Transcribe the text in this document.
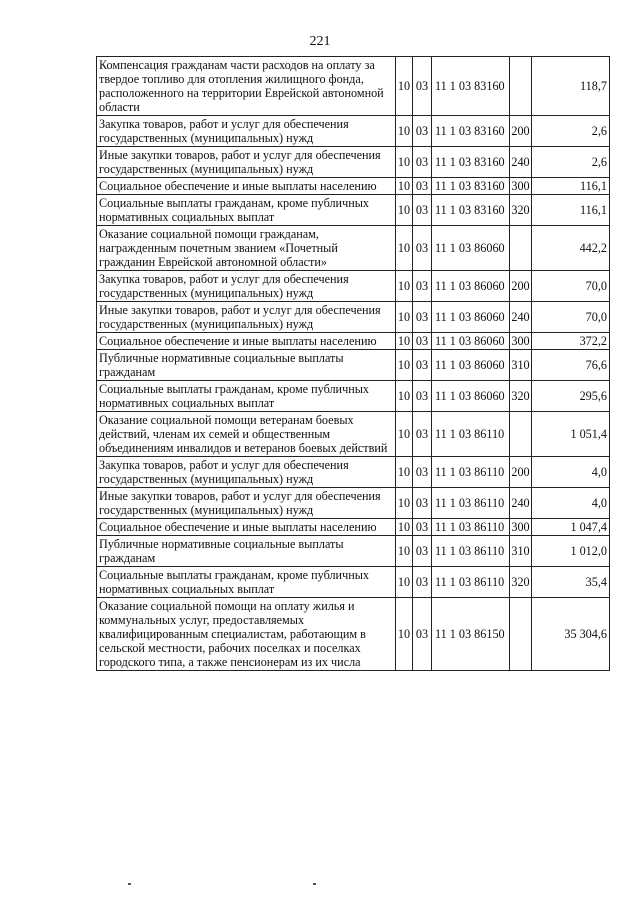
221
Компенсация гражданам части расходов на оплату за твердое топливо для отопления жилищного фонда, расположенного на территории Еврейской автономной области	10	03	11 1 03 83160		118,7
Закупка товаров, работ и услуг для обеспечения государственных (муниципальных) нужд	10	03	11 1 03 83160	200	2,6
Иные закупки товаров, работ и услуг для обеспечения государственных (муниципальных) нужд	10	03	11 1 03 83160	240	2,6
Социальное обеспечение и иные выплаты населению	10	03	11 1 03 83160	300	116,1
Социальные выплаты гражданам, кроме публичных нормативных социальных выплат	10	03	11 1 03 83160	320	116,1
Оказание социальной помощи гражданам, награжденным почетным званием «Почетный гражданин Еврейской автономной области»	10	03	11 1 03 86060		442,2
Закупка товаров, работ и услуг для обеспечения государственных (муниципальных) нужд	10	03	11 1 03 86060	200	70,0
Иные закупки товаров, работ и услуг для обеспечения государственных (муниципальных) нужд	10	03	11 1 03 86060	240	70,0
Социальное обеспечение и иные выплаты населению	10	03	11 1 03 86060	300	372,2
Публичные нормативные социальные выплаты гражданам	10	03	11 1 03 86060	310	76,6
Социальные выплаты гражданам, кроме публичных нормативных социальных выплат	10	03	11 1 03 86060	320	295,6
Оказание социальной помощи ветеранам боевых действий, членам их семей и общественным объединениям инвалидов и ветеранов боевых действий	10	03	11 1 03 86110		1 051,4
Закупка товаров, работ и услуг для обеспечения государственных (муниципальных) нужд	10	03	11 1 03 86110	200	4,0
Иные закупки товаров, работ и услуг для обеспечения государственных (муниципальных) нужд	10	03	11 1 03 86110	240	4,0
Социальное обеспечение и иные выплаты населению	10	03	11 1 03 86110	300	1 047,4
Публичные нормативные социальные выплаты гражданам	10	03	11 1 03 86110	310	1 012,0
Социальные выплаты гражданам, кроме публичных нормативных социальных выплат	10	03	11 1 03 86110	320	35,4
Оказание социальной помощи на оплату жилья и коммунальных услуг, предоставляемых квалифицированным специалистам, работающим в сельской местности, рабочих поселках и поселках городского типа, а также пенсионерам из их числа	10	03	11 1 03 86150		35 304,6
